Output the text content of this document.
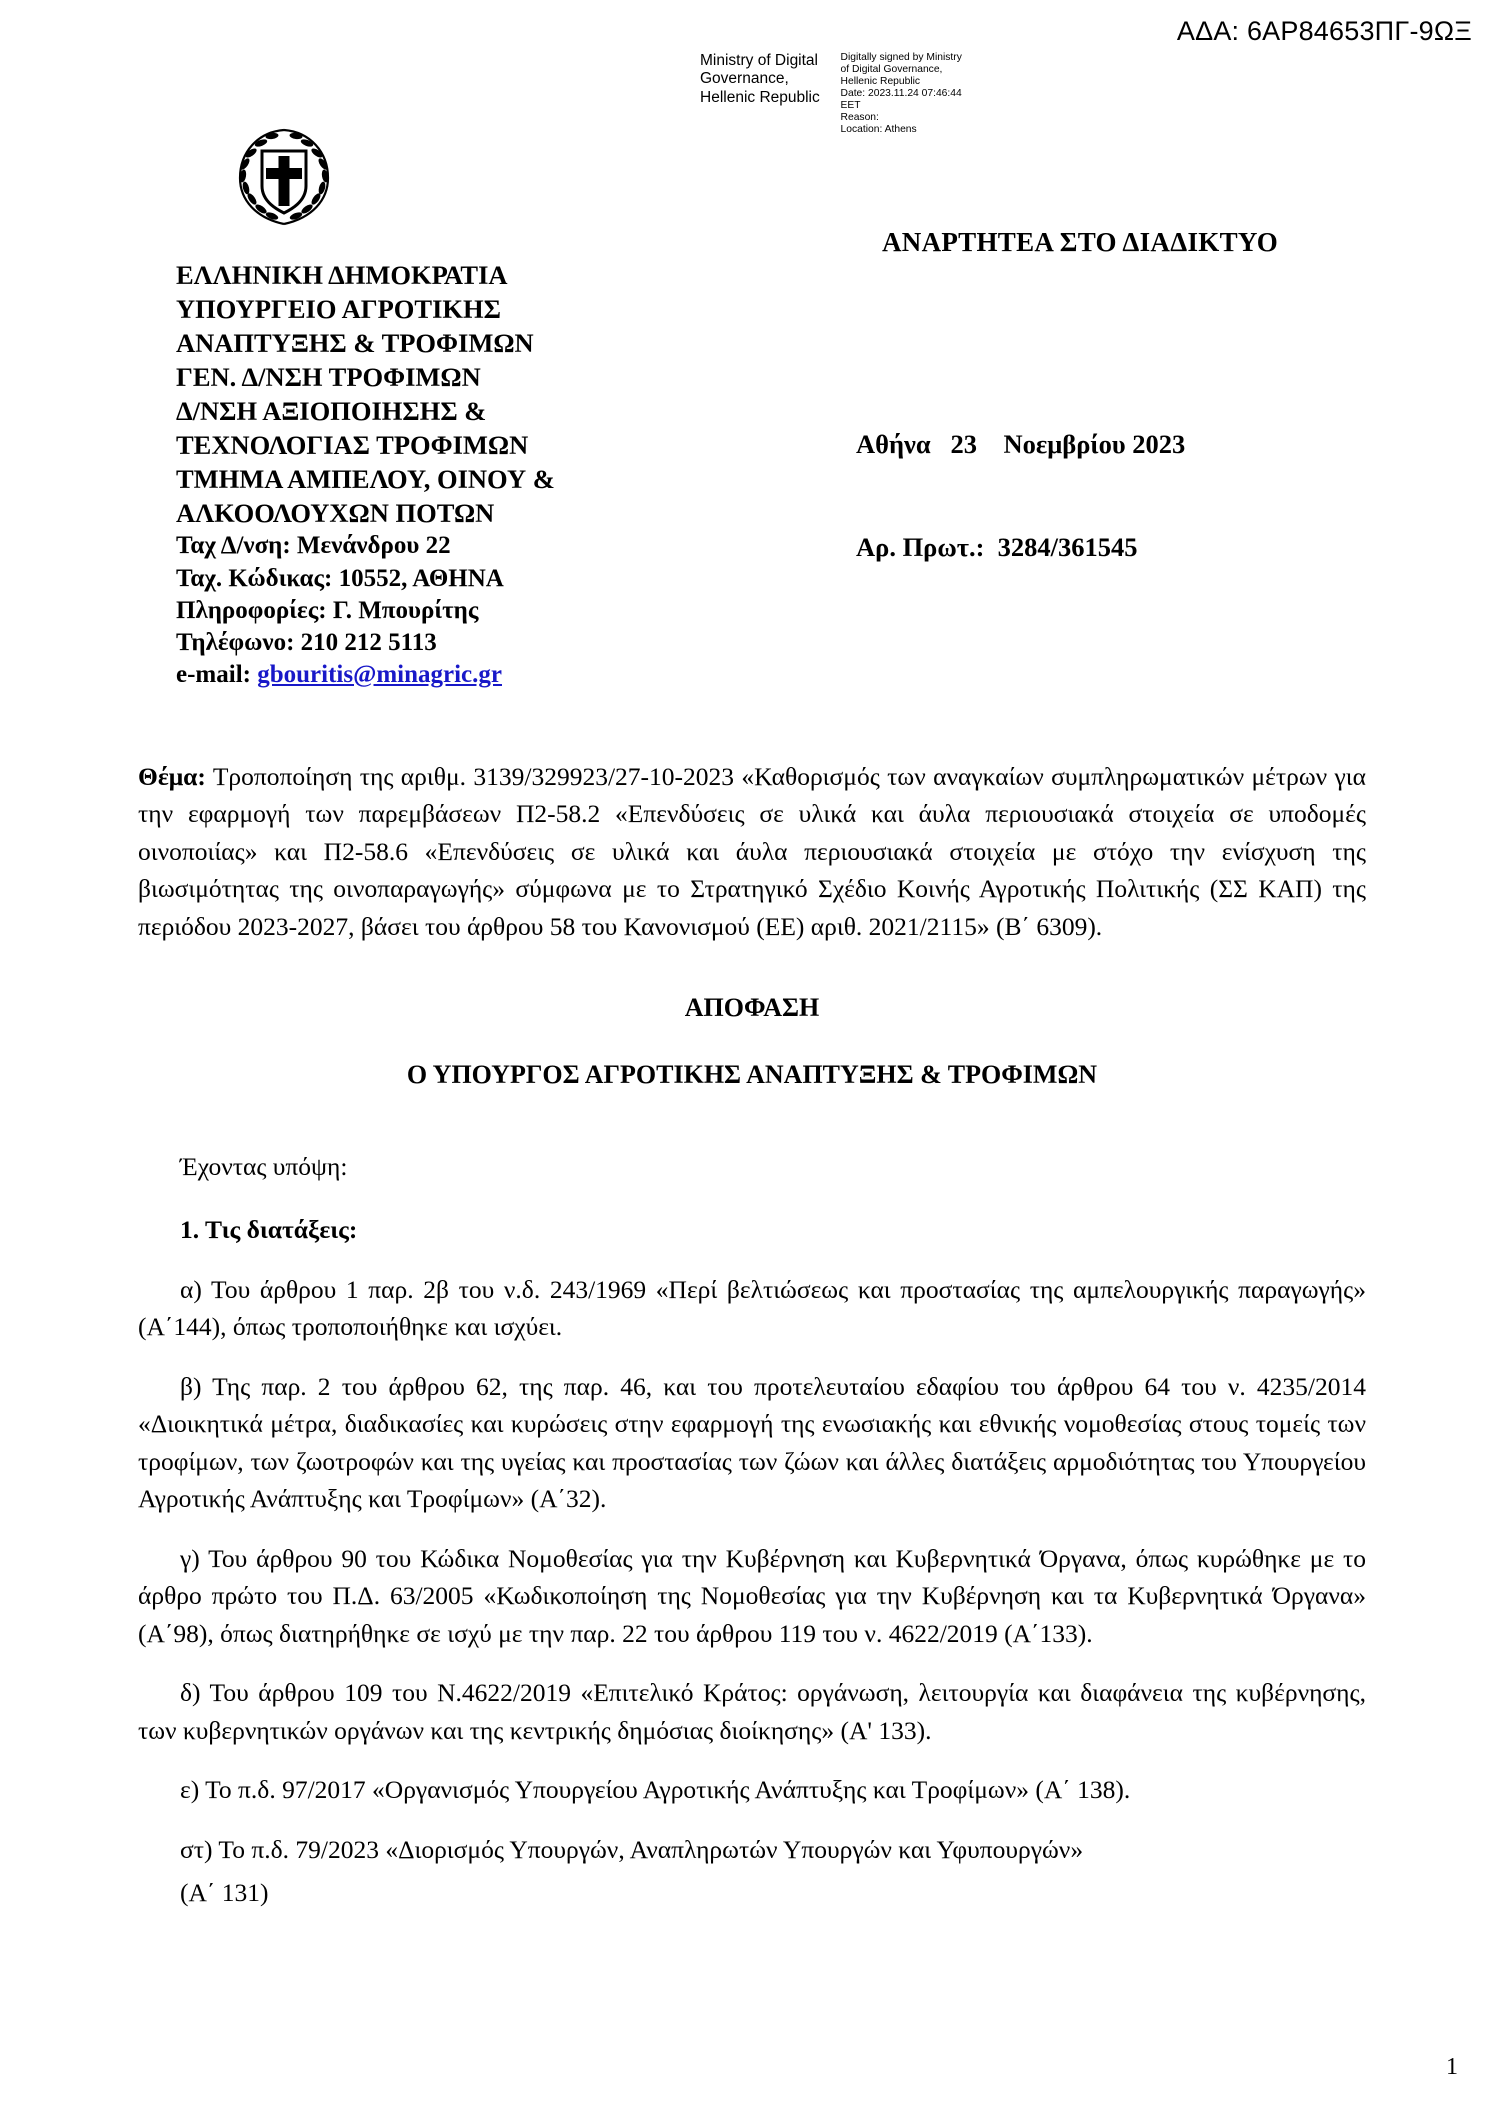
Ministry of Digital
Governance,
Hellenic Republic
Digitally signed by Ministry
of Digital Governance,
Hellenic Republic
Date: 2023.11.24 07:46:44
EET
Reason:
Location: Athens
ΑΔΑ: 6ΑΡ84653ΠΓ-9ΩΞ
ΕΛΛΗΝΙΚΗ ΔΗΜΟΚΡΑΤΙΑ
ΥΠΟΥΡΓΕΙΟ ΑΓΡΟΤΙΚΗΣ
ΑΝΑΠΤΥΞΗΣ & ΤΡΟΦΙΜΩΝ
ΓΕΝ. Δ/ΝΣΗ ΤΡΟΦΙΜΩΝ
Δ/ΝΣΗ ΑΞΙΟΠΟΙΗΣΗΣ &
ΤΕΧΝΟΛΟΓΙΑΣ ΤΡΟΦΙΜΩΝ
ΤΜΗΜΑ ΑΜΠΕΛΟΥ, ΟΙΝΟΥ &
ΑΛΚΟΟΛΟΥΧΩΝ ΠΟΤΩΝ
Ταχ Δ/νση: Μενάνδρου 22
Ταχ. Κώδικας: 10552, ΑΘΗΝΑ
Πληροφορίες: Γ. Μπουρίτης
Τηλέφωνο: 210 212 5113
e-mail: gbouritis@minagric.gr
ΑΝΑΡΤΗΤΕΑ ΣΤΟ ΔΙΑΔΙΚΤΥΟ

Αθήνα   23    Νοεμβρίου 2023

Αρ. Πρωτ.:  3284/361545

Θέμα: Τροποποίηση της αριθμ. 3139/329923/27-10-2023 «Καθορισμός των αναγκαίων συμπληρωματικών μέτρων για την εφαρμογή των παρεμβάσεων Π2-58.2 «Επενδύσεις σε υλικά και άυλα περιουσιακά στοιχεία σε υποδομές οινοποιίας» και Π2-58.6 «Επενδύσεις σε υλικά και άυλα περιουσιακά στοιχεία με στόχο την ενίσχυση της βιωσιμότητας της οινοπαραγωγής» σύμφωνα με το Στρατηγικό Σχέδιο Κοινής Αγροτικής Πολιτικής (ΣΣ ΚΑΠ) της περιόδου 2023-2027, βάσει του άρθρου 58 του Κανονισμού (ΕΕ) αριθ. 2021/2115» (Β΄ 6309).

ΑΠΟΦΑΣΗ

Ο ΥΠΟΥΡΓΟΣ ΑΓΡΟΤΙΚΗΣ ΑΝΑΠΤΥΞΗΣ & ΤΡΟΦΙΜΩΝ

Έχοντας υπόψη:

1. Τις διατάξεις:

α) Του άρθρου 1 παρ. 2β του ν.δ. 243/1969 «Περί βελτιώσεως και προστασίας της αμπελουργικής παραγωγής» (Α΄144), όπως τροποποιήθηκε και ισχύει.

β) Της παρ. 2 του άρθρου 62, της παρ. 46, και του προτελευταίου εδαφίου του άρθρου 64 του ν. 4235/2014 «Διοικητικά μέτρα, διαδικασίες και κυρώσεις στην εφαρμογή της ενωσιακής και εθνικής νομοθεσίας στους τομείς των τροφίμων, των ζωοτροφών και της υγείας και προστασίας των ζώων και άλλες διατάξεις αρμοδιότητας του Υπουργείου Αγροτικής Ανάπτυξης και Τροφίμων» (Α΄32).

γ) Του άρθρου 90 του Κώδικα Νομοθεσίας για την Κυβέρνηση και Κυβερνητικά Όργανα, όπως κυρώθηκε με το άρθρο πρώτο του Π.Δ. 63/2005 «Κωδικοποίηση της Νομοθεσίας για την Κυβέρνηση και τα Κυβερνητικά Όργανα» (Α΄98), όπως διατηρήθηκε σε ισχύ με την παρ. 22 του άρθρου 119 του ν. 4622/2019 (Α΄133).

δ) Του άρθρου 109 του Ν.4622/2019 «Επιτελικό Κράτος: οργάνωση, λειτουργία και διαφάνεια της κυβέρνησης, των κυβερνητικών οργάνων και της κεντρικής δημόσιας διοίκησης» (Α' 133).

ε) Το π.δ. 97/2017 «Οργανισμός Υπουργείου Αγροτικής Ανάπτυξης και Τροφίμων» (Α΄ 138).

στ) Το π.δ. 79/2023 «Διορισμός Υπουργών, Αναπληρωτών Υπουργών και Υφυπουργών»

(Α΄ 131)

1
